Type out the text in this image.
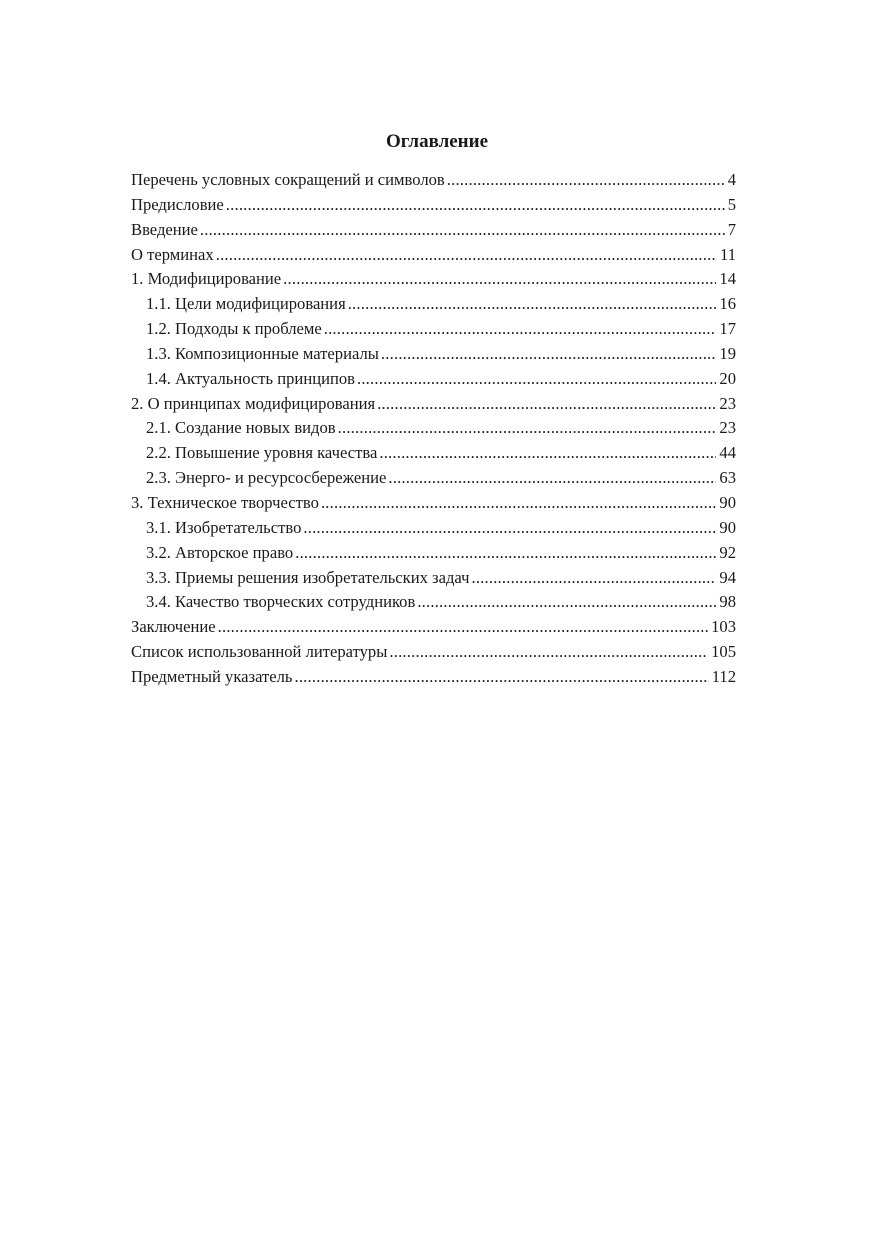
Оглавление
Перечень условных сокращений и символов .....	4
Предисловие .....	5
Введение .....	7
О терминах .....	11
1. Модифицирование .....	14
1.1. Цели модифицирования .....	16
1.2. Подходы к проблеме .....	17
1.3. Композиционные материалы .....	19
1.4. Актуальность принципов .....	20
2. О принципах модифицирования .....	23
2.1. Создание новых видов .....	23
2.2. Повышение уровня качества .....	44
2.3. Энерго- и ресурсосбережение .....	63
3. Техническое творчество .....	90
3.1. Изобретательство .....	90
3.2. Авторское право .....	92
3.3. Приемы решения изобретательских задач .....	94
3.4. Качество творческих сотрудников .....	98
Заключение .....	103
Список использованной литературы .....	105
Предметный указатель .....	112
